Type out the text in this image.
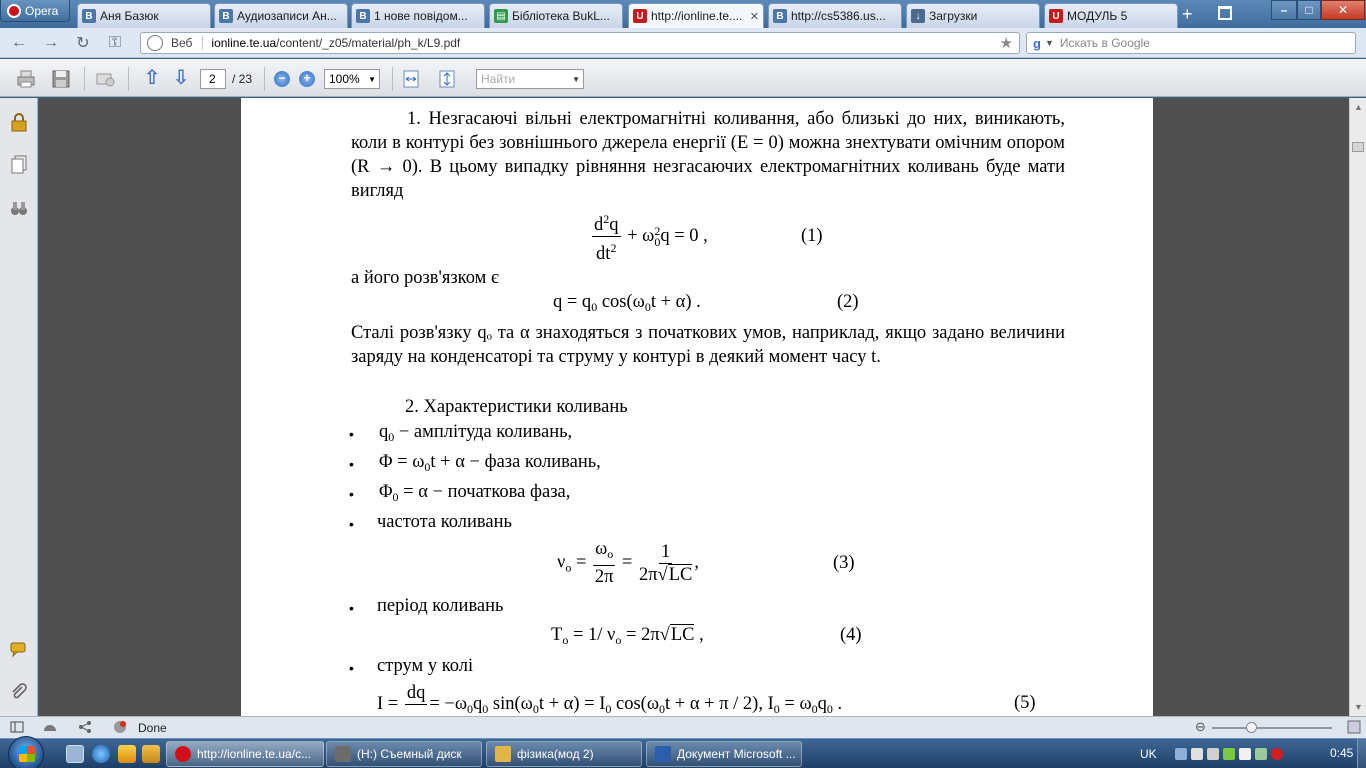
Opera	B Аня Базюк	B Аудиозаписи Ан...	B 1 нове повідом...	▤ Бібліотека BukL...	U http://ionline.te.... ✕	B http://cs5386.us...	↓ Загрузки	U МОДУЛЬ 5	+	–	□	✕
← → ↻ ⚿	Веб	ionline.te.ua/content/_z05/material/ph_k/L9.pdf	★ g ▼ Искать в Google
⇧ ⇩	2	/ 23	−	+	100% ▼	Найти	▼
1. Незгасаючі вільні електромагнітні коливання, або близькі до них, виникають, коли в контурі без зовнішнього джерела енергії (Е = 0) можна знехтувати омічним опором (R → 0). В цьому випадку рівняння незгасаючих електромагнітних коливань буде мати вигляд
$\frac{d^2q}{dt^2} + \omega$ 2
0 q = 0 ,	(1)
а його розв'язком є
$q = q_0$ $\cos(\omega_0t + \alpha)$ .	(2)
Сталі розв'язку qₒ та α знаходяться з початкових умов, наприклад, якщо задано величини заряду на конденсаторі та струму у контурі в деякий момент часу t.
2. Характеристики коливань
• $q_0$ − амплітуда коливань,
• $\Phi = \omega_0t + \alpha$ − фаза коливань,
• $\Phi_0 = \alpha$ − початкова фаза,
• частота коливань
$\nu_o = \frac{\omega_o}{2\pi} = \frac{1}{2\pi√LC}$ ,	(3)
• період коливань
$T_o = 1/$ $\nu_o = 2\pi√LC$ ,	(4)
• струм у колі
I =
dq

= $-\omega_0q_0$ $\sin(\omega_0t + \alpha) = I_0$ $\cos(\omega_0t + \alpha + \pi / 2)$, $I_0 = \omega_0q_0$ .	(5)
▲
▼
Done	⊖
http://ionline.te.ua/c...	(H:) Съемный диск	фізика(мод 2)	Документ Microsoft ...	UK	0:45
